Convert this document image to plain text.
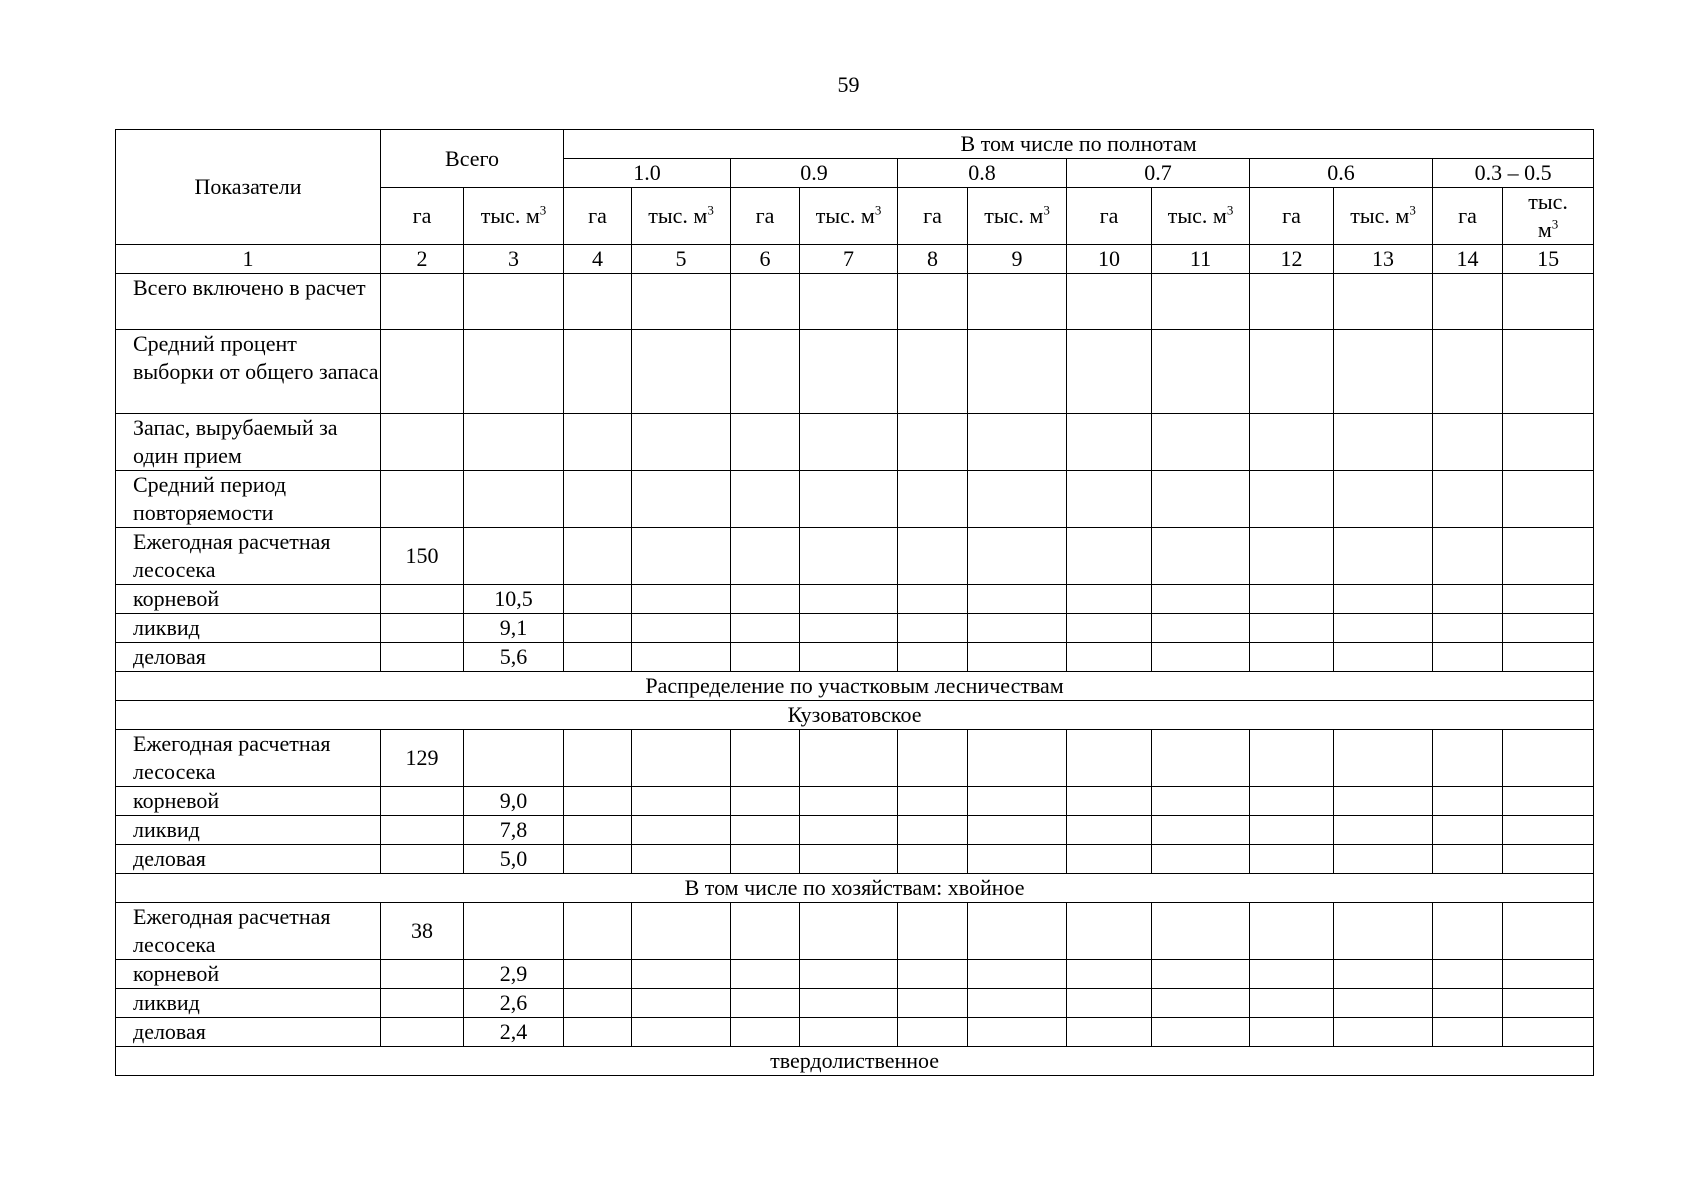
59
Показатели	Всего		В том числе по полнотам											
			1.0		0.9		0.8		0.7		0.6		0.3 – 0.5	
	га	тыс. $м^3$	га	тыс. $м^3$	га	тыс. $м^3$	га	тыс. $м^3$	га	тыс. $м^3$	га	тыс. $м^3$	га	тыс.
$м^3$
1	2	3	4	5	6	7	8	9	10	11	12	13	14	15
Всего включено в расчет														
Средний процент выборки от общего запаса														
Запас, вырубаемый за один прием														
Средний период повторяемости														
Ежегодная расчетная лесосека	150													
корневой		10,5												
ликвид		9,1												
деловая		5,6												
Распределение по участковым лесничествам														
Кузоватовское														
Ежегодная расчетная лесосека	129													
корневой		9,0												
ликвид		7,8												
деловая		5,0												
В том числе по хозяйствам: хвойное														
Ежегодная расчетная лесосека	38													
корневой		2,9												
ликвид		2,6												
деловая		2,4												
твердолиственное														
